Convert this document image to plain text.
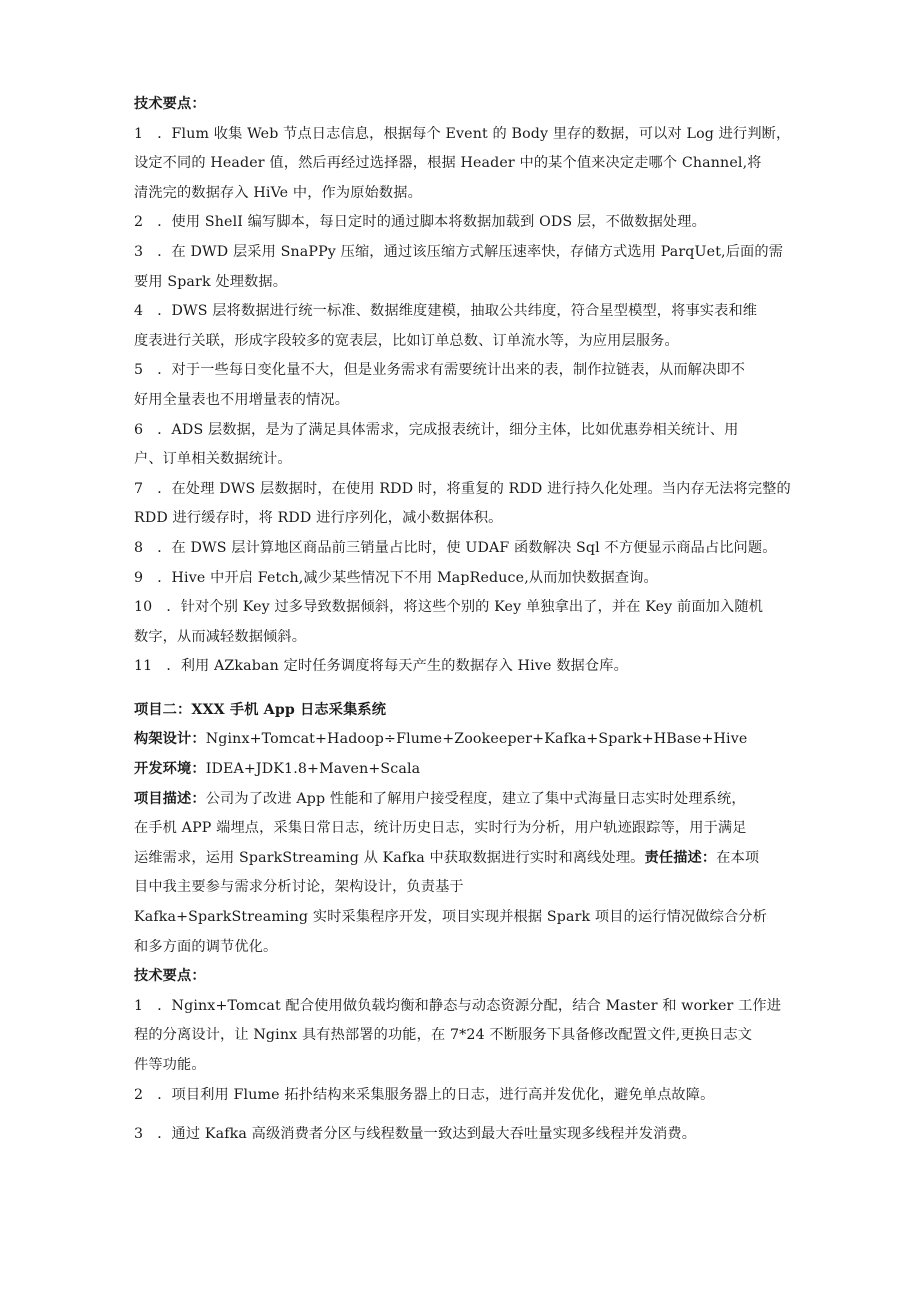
技术要点：
1 ．Flum 收集 Web 节点日志信息，根据每个 Event 的 Body 里存的数据，可以对 Log 进行判断，
设定不同的 Header 值，然后再经过选择器，根据 Header 中的某个值来决定走哪个 Channel,将
清洗完的数据存入 HiVe 中，作为原始数据。
2 ．使用 ShelI 编写脚本，每日定时的通过脚本将数据加载到 ODS 层，不做数据处理。
3 ．在 DWD 层采用 SnaPPy 压缩，通过该压缩方式解压速率快，存储方式选用 ParqUet,后面的需
要用 Spark 处理数据。
4 ．DWS 层将数据进行统一标准、数据维度建模，抽取公共纬度，符合星型模型，将事实表和维
度表进行关联，形成字段较多的宽表层，比如订单总数、订单流水等，为应用层服务。
5 ．对于一些每日变化量不大，但是业务需求有需要统计出来的表，制作拉链表，从而解决即不
好用全量表也不用增量表的情况。
6 ．ADS 层数据，是为了满足具体需求，完成报表统计，细分主体，比如优惠券相关统计、用
户、订单相关数据统计。
7 ．在处理 DWS 层数据时，在使用 RDD 时，将重复的 RDD 进行持久化处理。当内存无法将完整的
RDD 进行缓存时，将 RDD 进行序列化，减小数据体积。
8 ．在 DWS 层计算地区商品前三销量占比时，使 UDAF 函数解决 Sql 不方便显示商品占比问题。
9 ．Hive 中开启 Fetch,减少某些情况下不用 MapReduce,从而加快数据查询。
10 ．针对个别 Key 过多导致数据倾斜，将这些个别的 Key 单独拿出了，并在 Key 前面加入随机
数字，从而减轻数据倾斜。
11 ．利用 AZkaban 定时任务调度将每天产生的数据存入 Hive 数据仓库。
项目二：XXX 手机 App 日志采集系统
构架设计：Nginx+Tomcat+Hadoop÷Flume+Zookeeper+Kafka+Spark+HBase+Hive
开发环境：IDEA+JDK1.8+Maven+Scala
项目描述：公司为了改进 App 性能和了解用户接受程度，建立了集中式海量日志实时处理系统，
在手机 APP 端埋点，采集日常日志，统计历史日志，实时行为分析，用户轨迹跟踪等，用于满足
运维需求，运用 SparkStreaming 从 Kafka 中获取数据进行实时和离线处理。责任描述：在本项
目中我主要参与需求分析讨论，架构设计，负责基于
Kafka+SparkStreaming 实时采集程序开发，项目实现并根据 Spark 项目的运行情况做综合分析
和多方面的调节优化。
技术要点：
1 ．Nginx+Tomcat 配合使用做负载均衡和静态与动态资源分配，结合 Master 和 worker 工作进
程的分离设计，让 Nginx 具有热部署的功能，在 7*24 不断服务下具备修改配置文件,更换日志文
件等功能。
2 ．项目利用 Flume 拓扑结构来采集服务器上的日志，进行高并发优化，避免单点故障。
3 ．通过 Kafka 高级消费者分区与线程数量一致达到最大吞吐量实现多线程并发消费。
